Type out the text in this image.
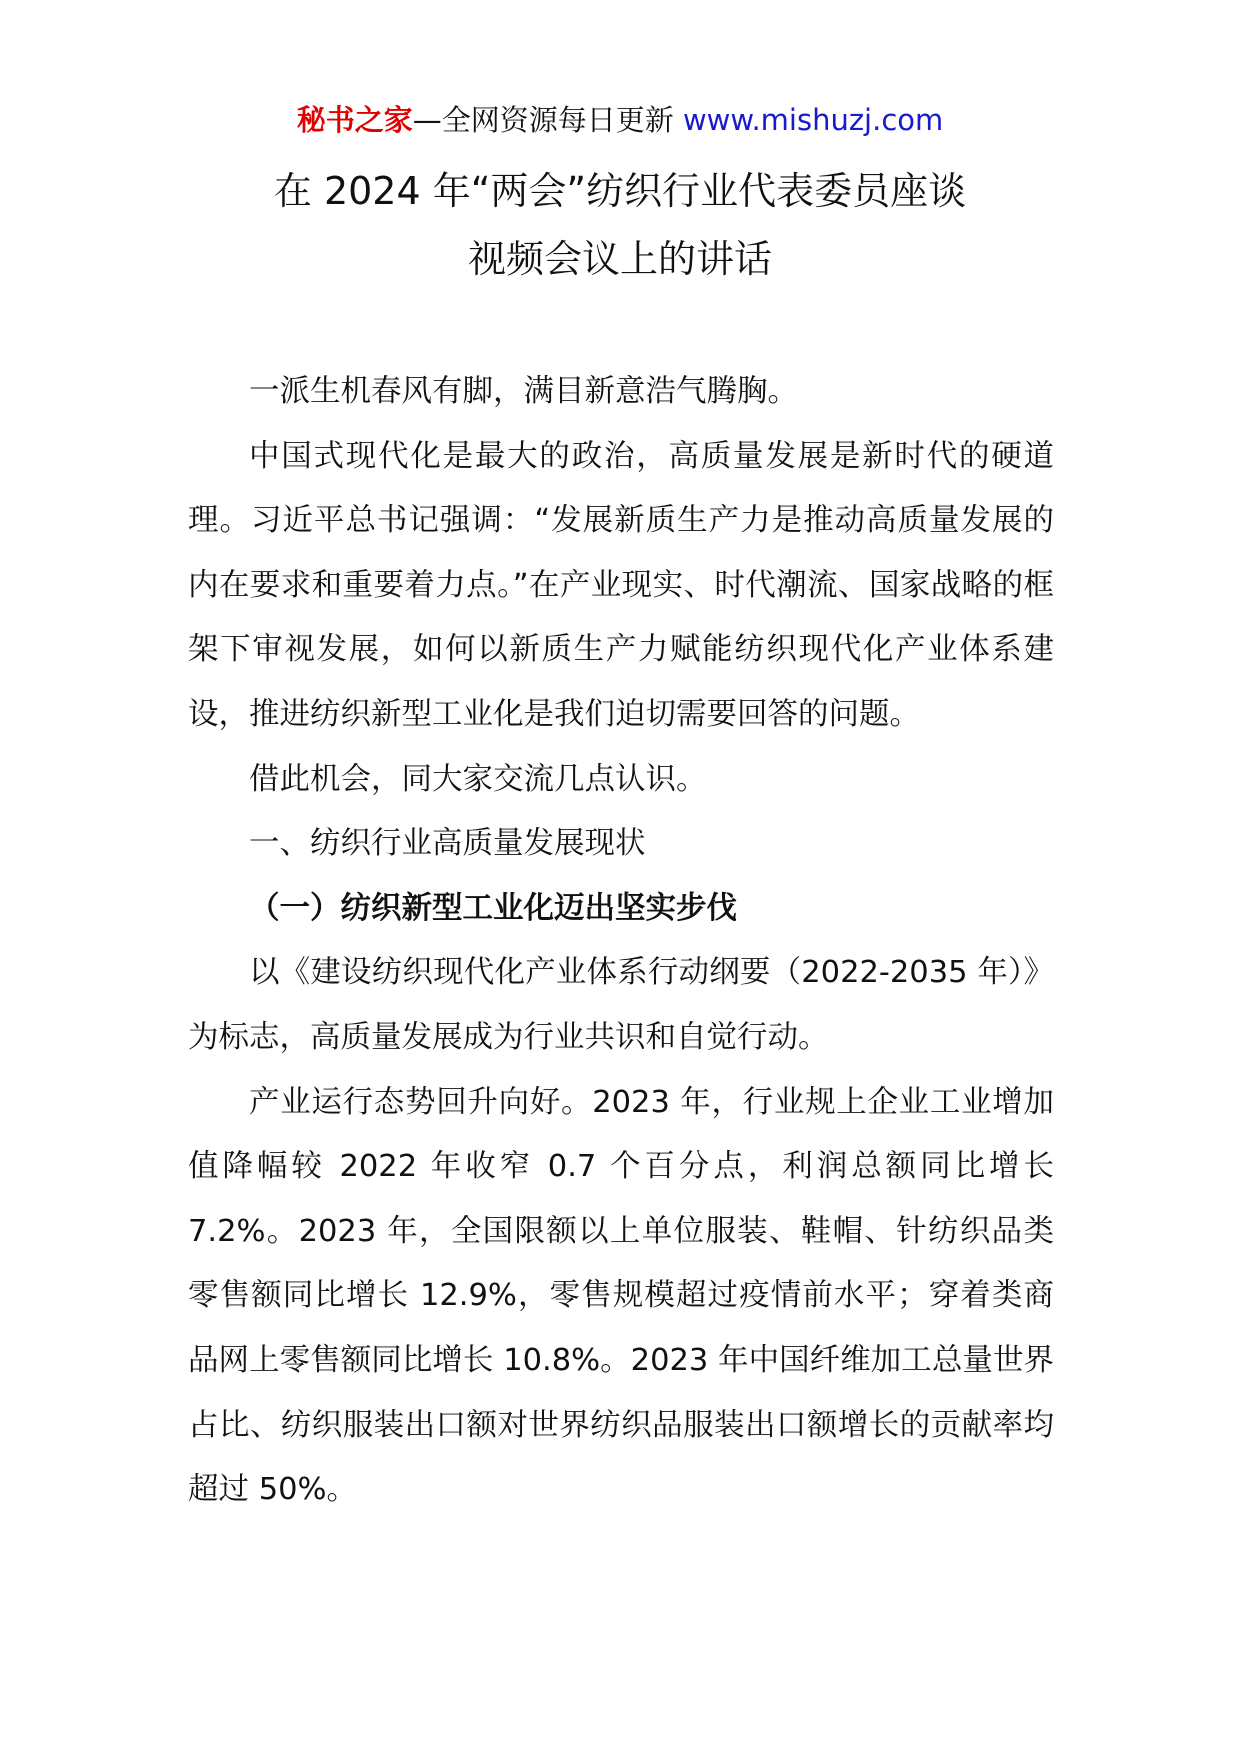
秘书之家—全网资源每日更新 www.mishuzj.com
在 2024 年“两会”纺织行业代表委员座谈
视频会议上的讲话

一派生机春风有脚，满目新意浩气腾胸。

中国式现代化是最大的政治，高质量发展是新时代的硬道理。习近平总书记强调：“发展新质生产力是推动高质量发展的内在要求和重要着力点。”在产业现实、时代潮流、国家战略的框架下审视发展，如何以新质生产力赋能纺织现代化产业体系建设，推进纺织新型工业化是我们迫切需要回答的问题。

借此机会，同大家交流几点认识。

一、纺织行业高质量发展现状

（一）纺织新型工业化迈出坚实步伐

以《建设纺织现代化产业体系行动纲要（2022-2035 年）》为标志，高质量发展成为行业共识和自觉行动。

产业运行态势回升向好。2023 年，行业规上企业工业增加值降幅较 2022 年收窄 0.7 个百分点，利润总额同比增长 7.2%。2023 年，全国限额以上单位服装、鞋帽、针纺织品类零售额同比增长 12.9%，零售规模超过疫情前水平；穿着类商品网上零售额同比增长 10.8%。2023 年中国纤维加工总量世界占比、纺织服装出口额对世界纺织品服装出口额增长的贡献率均超过 50%。
